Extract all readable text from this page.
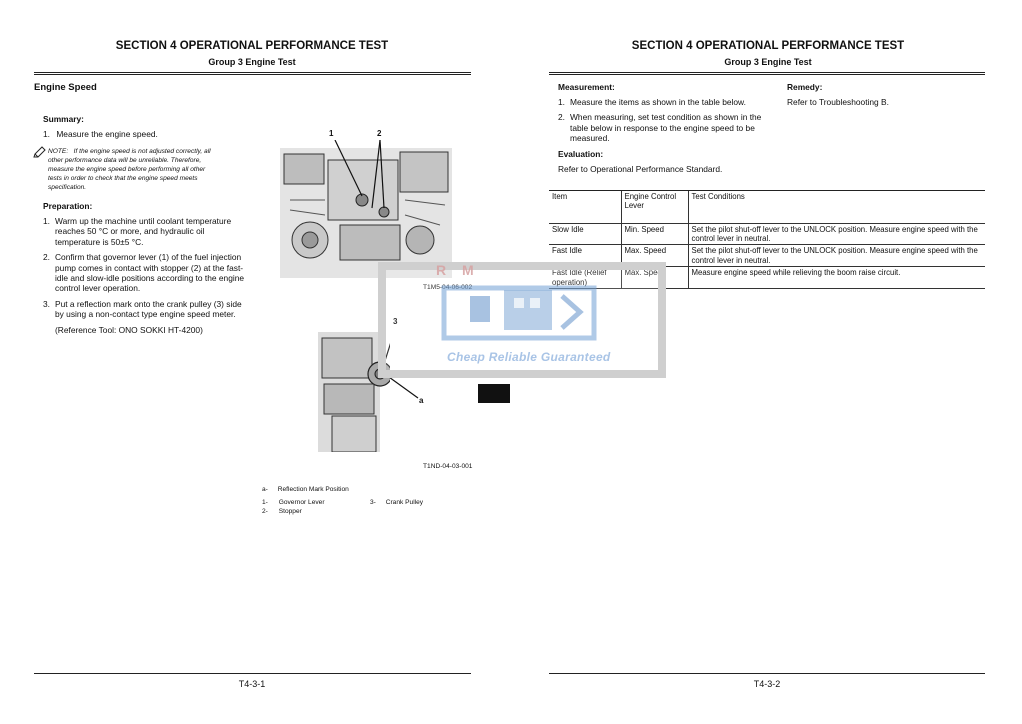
SECTION 4 OPERATIONAL PERFORMANCE TEST
Group 3 Engine Test
Engine Speed
Summary:
1. Measure the engine speed.
NOTE: If the engine speed is not adjusted correctly, all
other performance data will be unreliable. Therefore,
measure the engine speed before performing all other
tests in order to check that the engine speed meets
specification.
Preparation:
1. Warm up the machine until coolant temperature
reaches 50 °C or more, and hydraulic oil
temperature is 50±5 °C.
2. Confirm that governor lever (1) of the fuel injection
pump comes in contact with stopper (2) at the fast-
idle and slow-idle positions according to the engine
control lever operation.
3. Put a reflection mark onto the crank pulley (3) side
by using a non-contact type engine speed meter.
(Reference Tool: ONO SOKKI HT-4200)
1	2
T1M5-04-06-002
3
a
T1ND-04-03-001
a- Reflection Mark Position
1- Governor Lever
2- Stopper
3- Crank Pulley
T4-3-1
SECTION 4 OPERATIONAL PERFORMANCE TEST
Group 3 Engine Test
Measurement:
1. Measure the items as shown in the table below.
2. When measuring, set test condition as shown in the
table below in response to the engine speed to be
measured.
Evaluation:
Refer to Operational Performance Standard.
Remedy:
Refer to Troubleshooting B.
Item	Engine Control Lever	Test Conditions
Slow Idle	Min. Speed	Set the pilot shut-off lever to the UNLOCK position. Measure engine speed with the control lever in neutral.
Fast Idle	Max. Speed	Set the pilot shut-off lever to the UNLOCK position. Measure engine speed with the control lever in neutral.
Fast Idle (Relief operation)	Max. Speed	Measure engine speed while relieving the boom raise circuit.
T4-3-2
R M
Cheap Reliable Guaranteed
